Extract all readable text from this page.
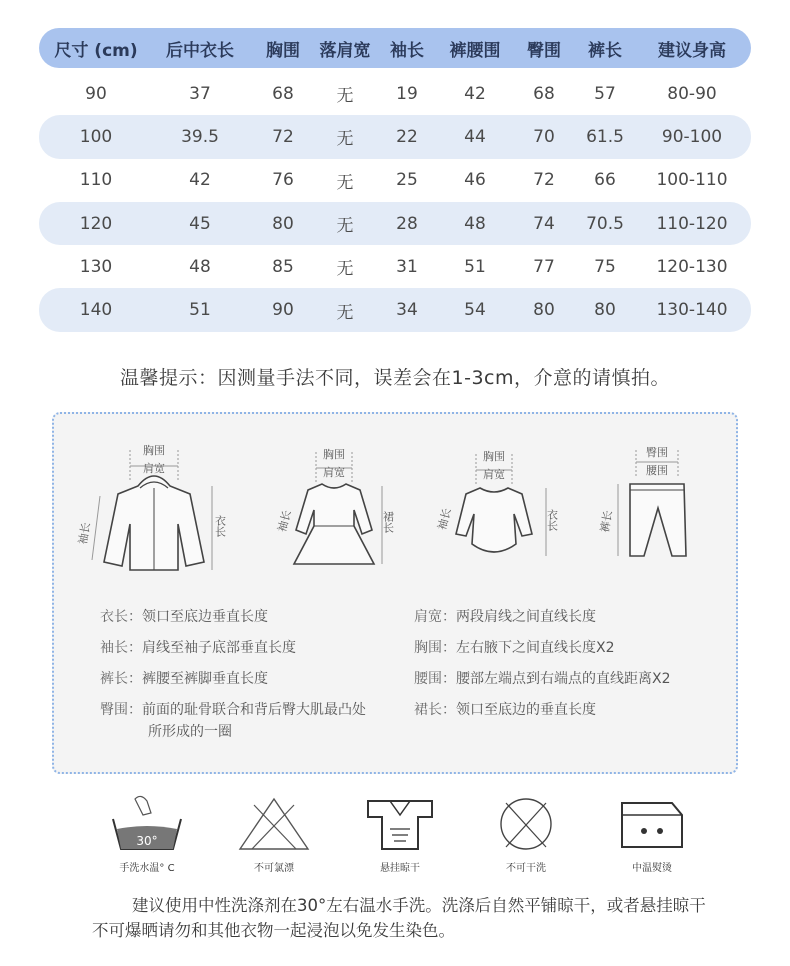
尺寸 (cm)	后中衣长	胸围	落肩宽	袖长	裤腰围	臀围	裤长	建议身高
90	37	68	无	19	42	68	57	80-90
100	39.5	72	无	22	44	70	61.5	90-100
110	42	76	无	25	46	72	66	100-110
120	45	80	无	28	48	74	70.5	110-120
130	48	85	无	31	51	77	75	120-130
140	51	90	无	34	54	80	80	130-140
温馨提示：因测量手法不同，误差会在1-3cm，介意的请慎拍。
胸围
肩宽
衣长
袖长
胸围
肩宽
裙长
袖长
胸围
肩宽
衣长
袖长
臀围
腰围
裤长
衣长：领口至底边垂直长度	肩宽：两段肩线之间直线长度
袖长：肩线至袖子底部垂直长度	胸围：左右腋下之间直线长度X2
裤长：裤腰至裤脚垂直长度	腰围：腰部左端点到右端点的直线距离X2
臀围：前面的耻骨联合和背后臀大肌最凸处
所形成的一圈
裙长：领口至底边的垂直长度
30°
手洗水温° C	不可氯漂	悬挂晾干	不可干洗	中温熨烫
建议使用中性洗涤剂在30°左右温水手洗。洗涤后自然平铺晾干，或者悬挂晾干不可爆晒请勿和其他衣物一起浸泡以免发生染色。
